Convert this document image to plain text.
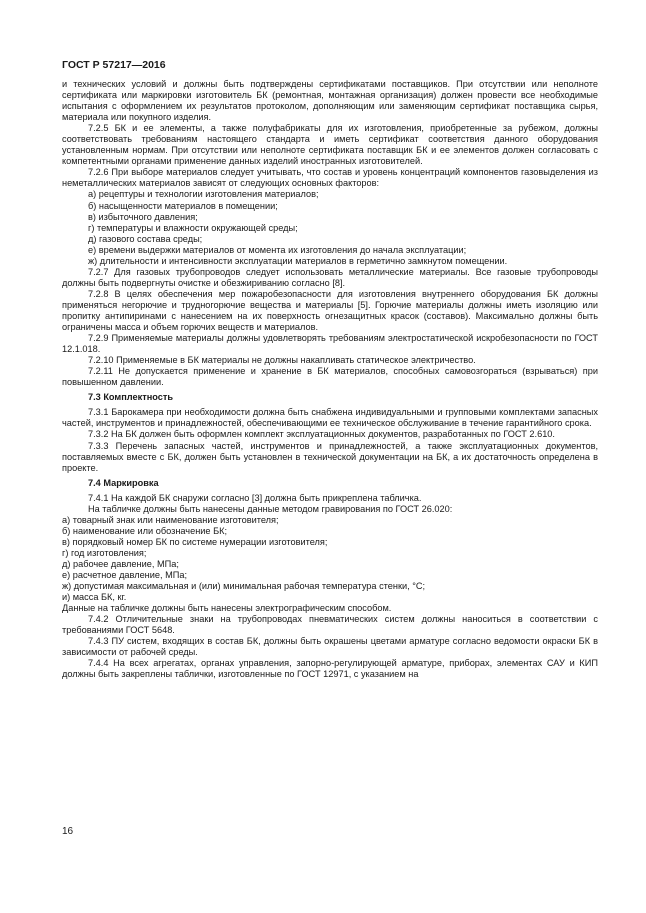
ГОСТ Р 57217—2016

и технических условий и должны быть подтверждены сертификатами поставщиков. При отсутствии или неполноте сертификата или маркировки изготовитель БК (ремонтная, монтажная организация) должен провести все необходимые испытания с оформлением их результатов протоколом, дополняющим или заменяющим сертификат поставщика сырья, материала или покупного изделия.

7.2.5 БК и ее элементы, а также полуфабрикаты для их изготовления, приобретенные за рубежом, должны соответствовать требованиям настоящего стандарта и иметь сертификат соответствия данного оборудования установленным нормам. При отсутствии или неполноте сертификата поставщик БК и ее элементов должен согласовать с компетентными органами применение данных изделий иностранных изготовителей.

7.2.6 При выборе материалов следует учитывать, что состав и уровень концентраций компонентов газовыделения из неметаллических материалов зависят от следующих основных факторов:

а) рецептуры и технологии изготовления материалов;

б) насыщенности материалов в помещении;

в) избыточного давления;

г) температуры и влажности окружающей среды;

д) газового состава среды;

е) времени выдержки материалов от момента их изготовления до начала эксплуатации;

ж) длительности и интенсивности эксплуатации материалов в герметично замкнутом помещении.

7.2.7 Для газовых трубопроводов следует использовать металлические материалы. Все газовые трубопроводы должны быть подвергнуты очистке и обезжириванию согласно [8].

7.2.8 В целях обеспечения мер пожаробезопасности для изготовления внутреннего оборудования БК должны применяться негорючие и трудногорючие вещества и материалы [5]. Горючие материалы должны иметь изоляцию или пропитку антипиринами с нанесением на их поверхность огнезащитных красок (составов). Максимально должны быть ограничены масса и объем горючих веществ и материалов.

7.2.9 Применяемые материалы должны удовлетворять требованиям электростатической искробезопасности по ГОСТ 12.1.018.

7.2.10 Применяемые в БК материалы не должны накапливать статическое электричество.

7.2.11 Не допускается применение и хранение в БК материалов, способных самовозгораться (взрываться) при повышенном давлении.

7.3 Комплектность

7.3.1 Барокамера при необходимости должна быть снабжена индивидуальными и групповыми комплектами запасных частей, инструментов и принадлежностей, обеспечивающими ее техническое обслуживание в течение гарантийного срока.

7.3.2 На БК должен быть оформлен комплект эксплуатационных документов, разработанных по ГОСТ 2.610.

7.3.3 Перечень запасных частей, инструментов и принадлежностей, а также эксплуатационных документов, поставляемых вместе с БК, должен быть установлен в технической документации на БК, а их достаточность определена в проекте.

7.4 Маркировка

7.4.1 На каждой БК снаружи согласно [3] должна быть прикреплена табличка.

На табличке должны быть нанесены данные методом гравирования по ГОСТ 26.020:

а) товарный знак или наименование изготовителя;

б) наименование или обозначение БК;

в) порядковый номер БК по системе нумерации изготовителя;

г) год изготовления;

д) рабочее давление, МПа;

е) расчетное давление, МПа;

ж) допустимая максимальная и (или) минимальная рабочая температура стенки, °С;

и) масса БК, кг.

Данные на табличке должны быть нанесены электрографическим способом.

7.4.2 Отличительные знаки на трубопроводах пневматических систем должны наноситься в соответствии с требованиями ГОСТ 5648.

7.4.3 ПУ систем, входящих в состав БК, должны быть окрашены цветами арматуре согласно ведомости окраски БК в зависимости от рабочей среды.

7.4.4 На всех агрегатах, органах управления, запорно-регулирующей арматуре, приборах, элементах САУ и КИП должны быть закреплены таблички, изготовленные по ГОСТ 12971, с указанием на

16
